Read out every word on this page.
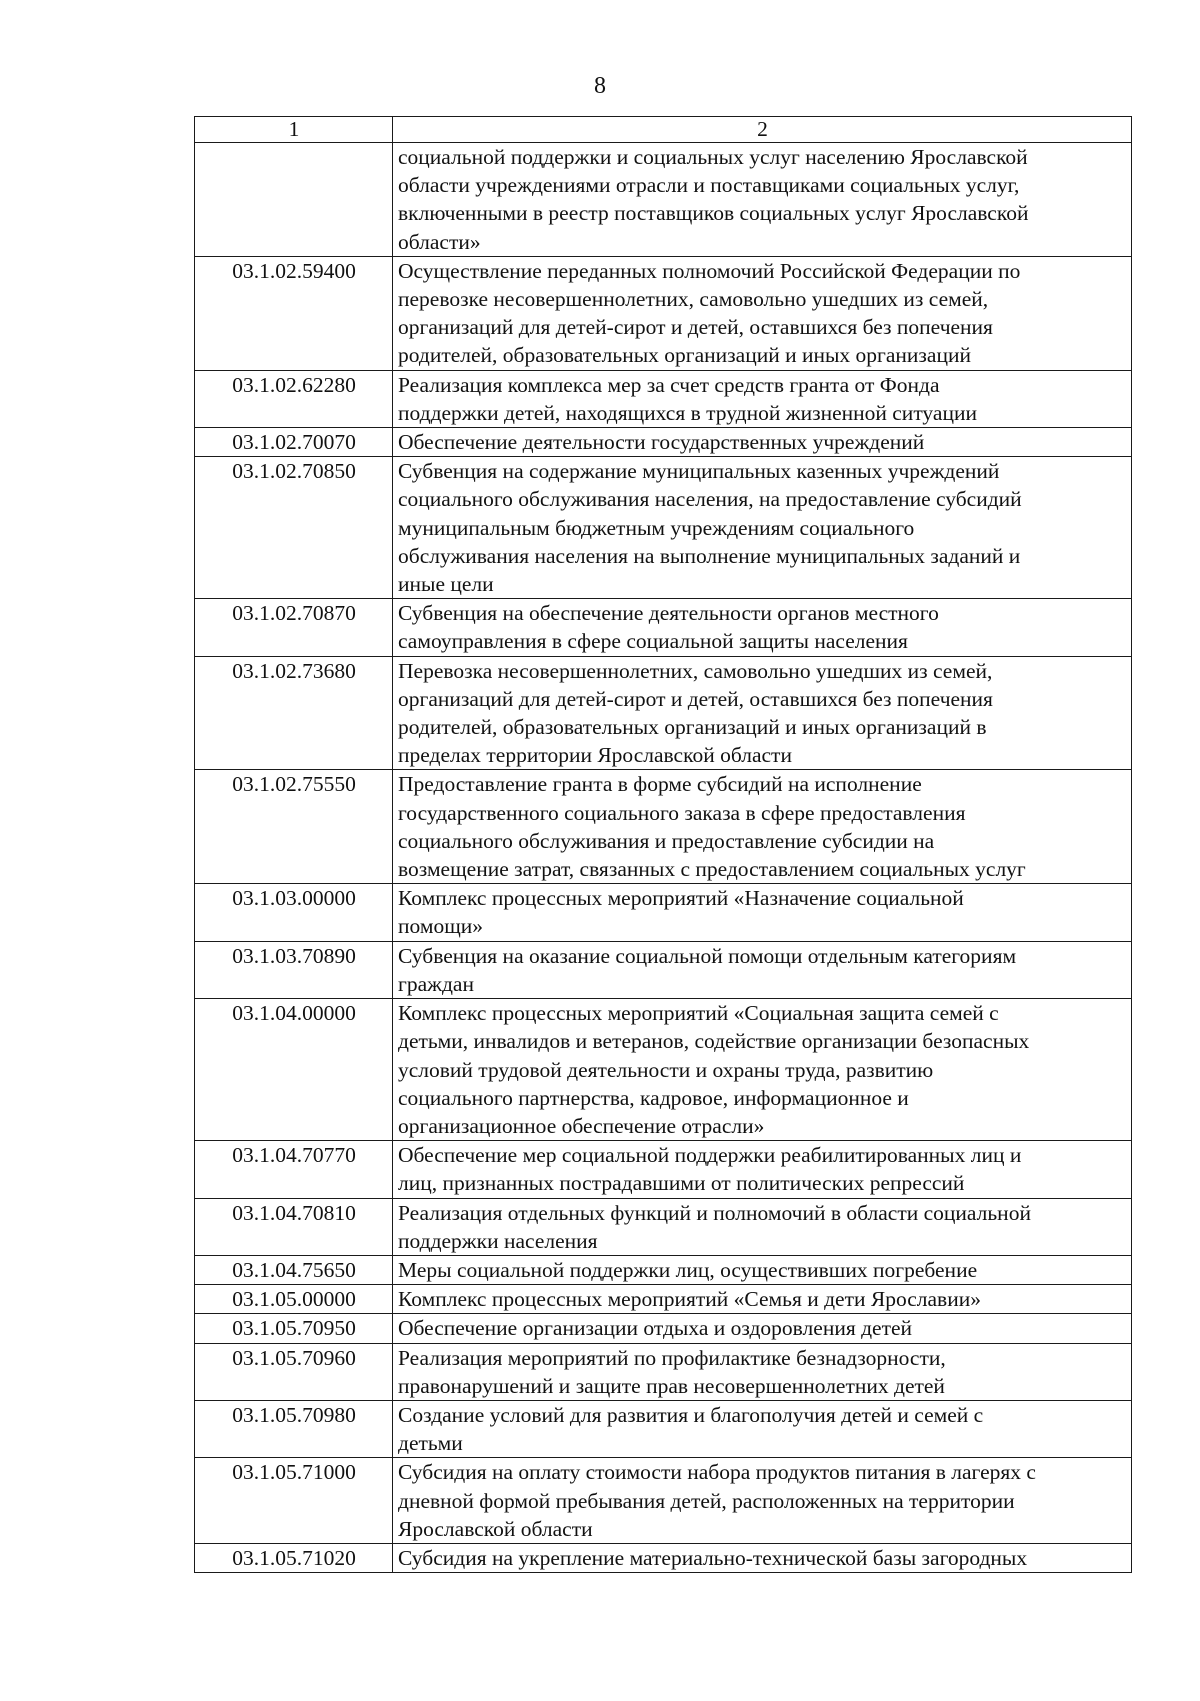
8
1	2

	социальной поддержки и социальных услуг населению Ярославской
области учреждениями отрасли и поставщиками социальных услуг,
включенными в реестр поставщиков социальных услуг Ярославской
области»

03.1.02.59400	Осуществление переданных полномочий Российской Федерации по
перевозке несовершеннолетних, самовольно ушедших из семей,
организаций для детей-сирот и детей, оставшихся без попечения
родителей, образовательных организаций и иных организаций

03.1.02.62280	Реализация комплекса мер за счет средств гранта от Фонда
поддержки детей, находящихся в трудной жизненной ситуации

03.1.02.70070	Обеспечение деятельности государственных учреждений

03.1.02.70850	Субвенция на содержание муниципальных казенных учреждений
социального обслуживания населения, на предоставление субсидий
муниципальным бюджетным учреждениям социального
обслуживания населения на выполнение муниципальных заданий и
иные цели

03.1.02.70870	Субвенция на обеспечение деятельности органов местного
самоуправления в сфере социальной защиты населения

03.1.02.73680	Перевозка несовершеннолетних, самовольно ушедших из семей,
организаций для детей-сирот и детей, оставшихся без попечения
родителей, образовательных организаций и иных организаций в
пределах территории Ярославской области

03.1.02.75550	Предоставление гранта в форме субсидий на исполнение
государственного социального заказа в сфере предоставления
социального обслуживания и предоставление субсидии на
возмещение затрат, связанных с предоставлением социальных услуг

03.1.03.00000	Комплекс процессных мероприятий «Назначение социальной
помощи»

03.1.03.70890	Субвенция на оказание социальной помощи отдельным категориям
граждан

03.1.04.00000	Комплекс процессных мероприятий «Социальная защита семей с
детьми, инвалидов и ветеранов, содействие организации безопасных
условий трудовой деятельности и охраны труда, развитию
социального партнерства, кадровое, информационное и
организационное обеспечение отрасли»

03.1.04.70770	Обеспечение мер социальной поддержки реабилитированных лиц и
лиц, признанных пострадавшими от политических репрессий

03.1.04.70810	Реализация отдельных функций и полномочий в области социальной
поддержки населения

03.1.04.75650	Меры социальной поддержки лиц, осуществивших погребение

03.1.05.00000	Комплекс процессных мероприятий «Семья и дети Ярославии»

03.1.05.70950	Обеспечение организации отдыха и оздоровления детей

03.1.05.70960	Реализация мероприятий по профилактике безнадзорности,
правонарушений и защите прав несовершеннолетних детей

03.1.05.70980	Создание условий для развития и благополучия детей и семей с
детьми

03.1.05.71000	Субсидия на оплату стоимости набора продуктов питания в лагерях с
дневной формой пребывания детей, расположенных на территории
Ярославской области

03.1.05.71020	Субсидия на укрепление материально-технической базы загородных
